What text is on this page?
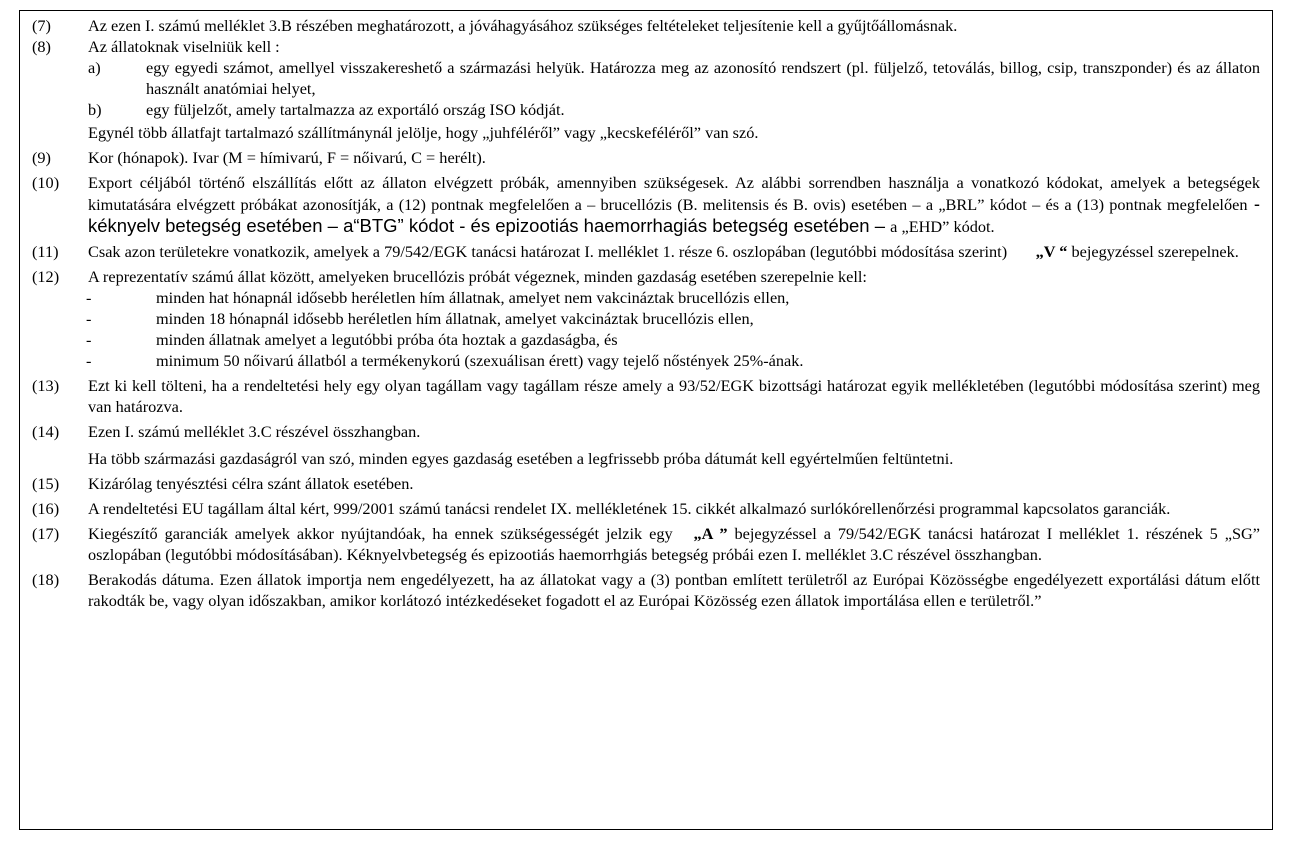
(7)	Az ezen I. számú melléklet 3.B részében meghatározott, a jóváhagyásához szükséges feltételeket teljesítenie kell a gyűjtőállomásnak.
(8)	Az állatoknak viselniük kell :
a)	egy egyedi számot, amellyel visszakereshető a származási helyük. Határozza meg az azonosító rendszert (pl. füljelző, tetoválás, billog, csip, transzponder) és az állaton használt anatómiai helyet,
b)	egy füljelzőt, amely tartalmazza az exportáló ország ISO kódját.
Egynél több állatfajt tartalmazó szállítmánynál jelölje, hogy „juhféléről” vagy „kecskeféléről” van szó.
(9)	Kor (hónapok). Ivar (M = hímivarú, F = nőivarú, C = herélt).
(10)	Export céljából történő elszállítás előtt az állaton elvégzett próbák, amennyiben szükségesek. Az alábbi sorrendben használja a vonatkozó kódokat, amelyek a betegségek kimutatására elvégzett próbákat azonosítják, a (12) pontnak megfelelően a – brucellózis (B. melitensis és B. ovis) esetében – a „BRL” kódot – és a (13) pontnak megfelelően - kéknyelv betegség esetében – a“BTG” kódot - és epizootiás haemorrhagiás betegség esetében – a „EHD” kódot.
(11)	Csak azon területekre vonatkozik, amelyek a 79/542/EGK tanácsi határozat I. melléklet 1. része 6. oszlopában (legutóbbi módosítása szerint) „V “ bejegyzéssel szerepelnek.
(12)	A reprezentatív számú állat között, amelyeken brucellózis próbát végeznek, minden gazdaság esetében szerepelnie kell:
-	minden hat hónapnál idősebb heréletlen hím állatnak, amelyet nem vakcináztak brucellózis ellen,
-	minden 18 hónapnál idősebb heréletlen hím állatnak, amelyet vakcináztak brucellózis ellen,
-	minden állatnak amelyet a legutóbbi próba óta hoztak a gazdaságba, és
-	minimum 50 nőivarú állatból a termékenykorú (szexuálisan érett) vagy tejelő nőstények 25%-ának.
(13)	Ezt ki kell tölteni, ha a rendeltetési hely egy olyan tagállam vagy tagállam része amely a 93/52/EGK bizottsági határozat egyik mellékletében (legutóbbi módosítása szerint) meg van határozva.
(14)	Ezen I. számú melléklet 3.C részével összhangban.
Ha több származási gazdaságról van szó, minden egyes gazdaság esetében a legfrissebb próba dátumát kell egyértelműen feltüntetni.
(15)	Kizárólag tenyésztési célra szánt állatok esetében.
(16)	A rendeltetési EU tagállam által kért, 999/2001 számú tanácsi rendelet IX. mellékletének 15. cikkét alkalmazó surlókórellenőrzési programmal kapcsolatos garanciák.
(17)	Kiegészítő garanciák amelyek akkor nyújtandóak, ha ennek szükségességét jelzik egy „A ” bejegyzéssel a 79/542/EGK tanácsi határozat I melléklet 1. részének 5 „SG” oszlopában (legutóbbi módosításában). Kéknyelvbetegség és epizootiás haemorrhgiás betegség próbái ezen I. melléklet 3.C részével összhangban.
(18)	Berakodás dátuma. Ezen állatok importja nem engedélyezett, ha az állatokat vagy a (3) pontban említett területről az Európai Közösségbe engedélyezett exportálási dátum előtt rakodták be, vagy olyan időszakban, amikor korlátozó intézkedéseket fogadott el az Európai Közösség ezen állatok importálása ellen e területről.”
